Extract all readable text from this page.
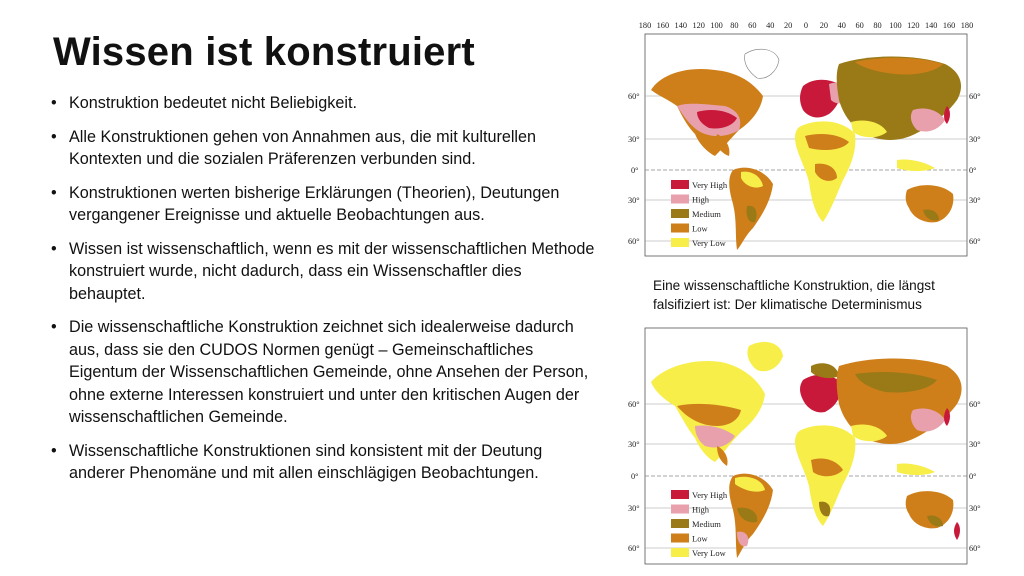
Wissen ist konstruiert
• Konstruktion bedeutet nicht Beliebigkeit.
• Alle Konstruktionen gehen von Annahmen aus, die mit kulturellen Kontexten und die sozialen Präferenzen verbunden sind.
• Konstruktionen werten bisherige Erklärungen (Theorien), Deutungen vergangener Ereignisse und aktuelle Beobachtungen aus.
• Wissen ist wissenschaftlich, wenn es mit der wissenschaftlichen Methode konstruiert wurde, nicht dadurch, dass ein Wissenschaftler dies behauptet.
• Die wissenschaftliche Konstruktion zeichnet sich idealerweise dadurch aus, dass sie den CUDOS Normen genügt – Gemeinschaftliches Eigentum der Wissenschaftlichen Gemeinde, ohne Ansehen der Person, ohne externe Interessen konstruiert und unter den kritischen Augen der wissenschaftlichen Gemeinde.
• Wissenschaftliche Konstruktionen sind konsistent mit der Deutung anderer Phenomäne und mit allen einschlägigen Beobachtungen.
180 160 140 120 100 80 60 40 20 0 20 40 60 80 100 120 140 160 180
60°
30°
0°
30°
60°
60°
30°
0°
30°
60°
Very High
High
Medium
Low
Very Low
Eine wissenschaftliche Konstruktion, die längst falsifiziert ist: Der klimatische Determinismus
60°
30°
0°
30°
60°
60°
30°
0°
30°
60°
Very High
High
Medium
Low
Very Low
